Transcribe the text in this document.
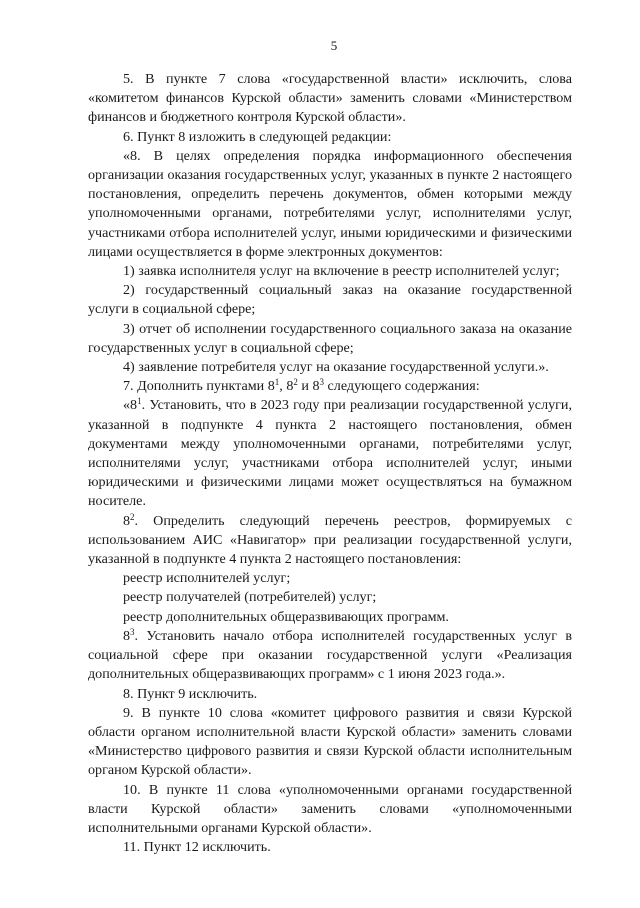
5

5. В пункте 7 слова «государственной власти» исключить, слова «комитетом финансов Курской области» заменить словами «Министерством финансов и бюджетного контроля Курской области».

6. Пункт 8 изложить в следующей редакции:

«8. В целях определения порядка информационного обеспечения организации оказания государственных услуг, указанных в пункте 2 настоящего постановления, определить перечень документов, обмен которыми между уполномоченными органами, потребителями услуг, исполнителями услуг, участниками отбора исполнителей услуг, иными юридическими и физическими лицами осуществляется в форме электронных документов:

1) заявка исполнителя услуг на включение в реестр исполнителей услуг;

2) государственный социальный заказ на оказание государственной услуги в социальной сфере;

3) отчет об исполнении государственного социального заказа на оказание государственных услуг в социальной сфере;

4) заявление потребителя услуг на оказание государственной услуги.».

7. Дополнить пунктами $8^1$, $8^2$ и $8^3$ следующего содержания:

«$8^1$. Установить, что в 2023 году при реализации государственной услуги, указанной в подпункте 4 пункта 2 настоящего постановления, обмен документами между уполномоченными органами, потребителями услуг, исполнителями услуг, участниками отбора исполнителей услуг, иными юридическими и физическими лицами может осуществляться на бумажном носителе.

$8^2$. Определить следующий перечень реестров, формируемых с использованием АИС «Навигатор» при реализации государственной услуги, указанной в подпункте 4 пункта 2 настоящего постановления:

реестр исполнителей услуг;

реестр получателей (потребителей) услуг;

реестр дополнительных общеразвивающих программ.

$8^3$. Установить начало отбора исполнителей государственных услуг в социальной сфере при оказании государственной услуги «Реализация дополнительных общеразвивающих программ» с 1 июня 2023 года.».

8. Пункт 9 исключить.

9. В пункте 10 слова «комитет цифрового развития и связи Курской области органом исполнительной власти Курской области» заменить словами «Министерство цифрового развития и связи Курской области исполнительным органом Курской области».

10. В пункте 11 слова «уполномоченными органами государственной власти Курской области» заменить словами «уполномоченными исполнительными органами Курской области».

11. Пункт 12 исключить.
